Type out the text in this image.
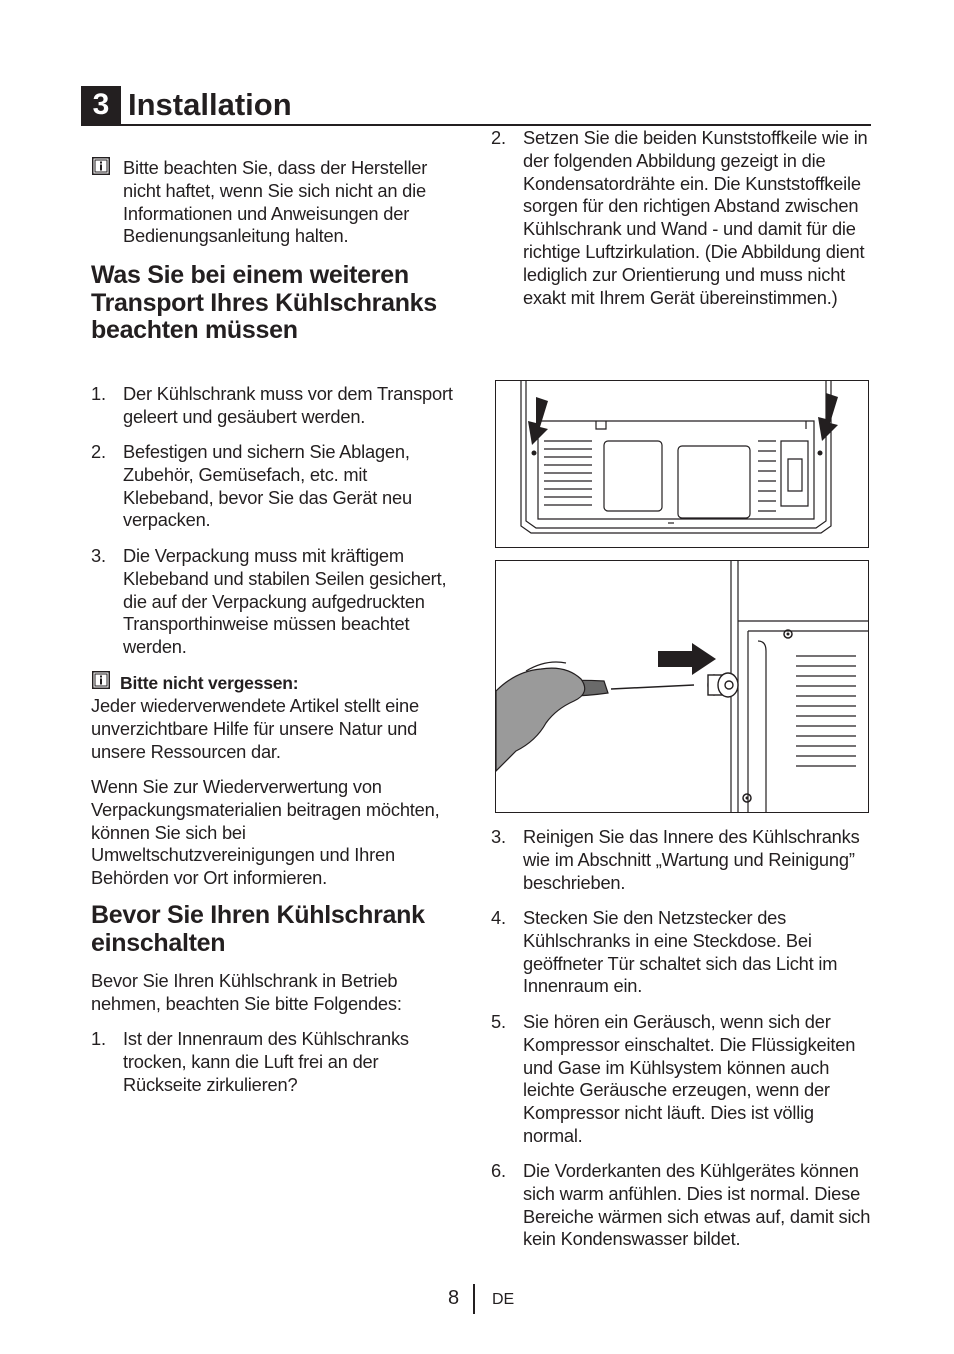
3 Installation
Bitte beachten Sie, dass der Hersteller nicht haftet, wenn Sie sich nicht an die Informationen und Anweisungen der Bedienungsanleitung halten.
Was Sie bei einem weiteren Transport Ihres Kühlschranks beachten müssen
1. Der Kühlschrank muss vor dem Transport geleert und gesäubert werden.
2. Befestigen und sichern Sie Ablagen, Zubehör, Gemüsefach, etc. mit Klebeband, bevor Sie das Gerät neu verpacken.
3. Die Verpackung muss mit kräftigem Klebeband und stabilen Seilen gesichert, die auf der Verpackung aufgedruckten Transporthinweise müssen beachtet werden.
Bitte nicht vergessen:
Jeder wiederverwendete Artikel stellt eine unverzichtbare Hilfe für unsere Natur und unsere Ressourcen dar.
Wenn Sie zur Wiederverwertung von Verpackungsmaterialien beitragen möchten, können Sie sich bei Umweltschutzvereinigungen und Ihren Behörden vor Ort informieren.
Bevor Sie Ihren Kühlschrank einschalten
Bevor Sie Ihren Kühlschrank in Betrieb nehmen, beachten Sie bitte Folgendes:
1. Ist der Innenraum des Kühlschranks trocken, kann die Luft frei an der Rückseite zirkulieren?
2. Setzen Sie die beiden Kunststoffkeile wie in der folgenden Abbildung gezeigt in die Kondensatordrähte ein. Die Kunststoffkeile sorgen für den richtigen Abstand zwischen Kühlschrank und Wand - und damit für die richtige Luftzirkulation. (Die Abbildung dient lediglich zur Orientierung und muss nicht exakt mit Ihrem Gerät übereinstimmen.)
3. Reinigen Sie das Innere des Kühlschranks wie im Abschnitt „Wartung und Reinigung” beschrieben.
4. Stecken Sie den Netzstecker des Kühlschranks in eine Steckdose. Bei geöffneter Tür schaltet sich das Licht im Innenraum ein.
5. Sie hören ein Geräusch, wenn sich der Kompressor einschaltet. Die Flüssigkeiten und Gase im Kühlsystem können auch leichte Geräusche erzeugen, wenn der Kompressor nicht läuft. Dies ist völlig normal.
6. Die Vorderkanten des Kühlgerätes können sich warm anfühlen. Dies ist normal. Diese Bereiche wärmen sich etwas auf, damit sich kein Kondenswasser bildet.
8 DE
